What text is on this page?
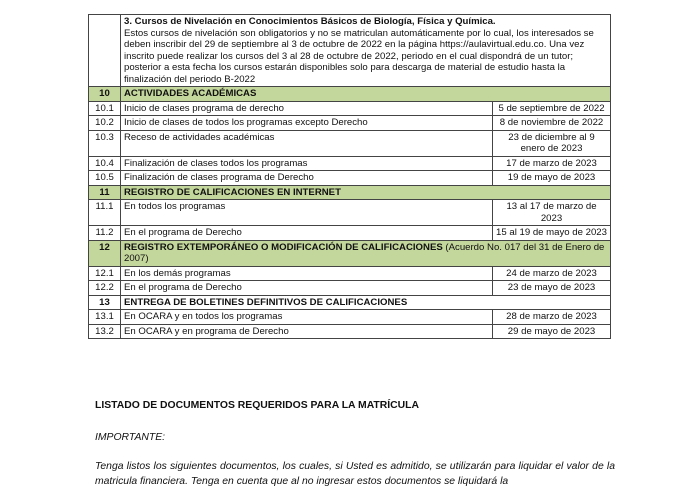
	3. Cursos de Nivelación en Conocimientos Básicos de Biología, Física y Química.
Estos cursos de nivelación son obligatorios y no se matriculan automáticamente por lo cual, los interesados se deben inscribir del 29 de septiembre al 3 de octubre de 2022 en la página https://aulavirtual.edu.co. Una vez inscrito puede realizar los cursos del 3 al 28 de octubre de 2022, periodo en el cual dispondrá de un tutor; posterior a esta fecha los cursos estarán disponibles solo para descarga de material de estudio hasta la finalización del periodo B-2022	

10	ACTIVIDADES ACADÉMICAS	
10.1	Inicio de clases programa de derecho	5 de septiembre de 2022
10.2	Inicio de clases de todos los programas excepto Derecho	8 de noviembre de 2022
10.3	Receso de actividades académicas	23 de diciembre al 9 enero de 2023
10.4	Finalización de clases todos los programas	17 de marzo de 2023
10.5	Finalización de clases programa de Derecho	19 de mayo de 2023
11	REGISTRO DE CALIFICACIONES EN INTERNET	
11.1	En todos los programas	13 al 17 de marzo de 2023
11.2	En el programa de Derecho	15 al 19 de mayo de 2023
12	REGISTRO EXTEMPORÁNEO O MODIFICACIÓN DE CALIFICACIONES (Acuerdo No. 017 del 31 de Enero de 2007)	
12.1	En los demás programas	24 de marzo de 2023
12.2	En el programa de Derecho	23 de mayo de 2023
13	ENTREGA DE BOLETINES DEFINITIVOS DE CALIFICACIONES	
13.1	En OCARA y en todos los programas	28 de marzo de 2023
13.2	En OCARA y en programa de Derecho	29 de mayo de 2023
LISTADO DE DOCUMENTOS REQUERIDOS PARA LA MATRÍCULA
IMPORTANTE:
Tenga listos los siguientes documentos, los cuales, si Usted es admitido, se utilizarán para liquidar el valor de la matricula financiera. Tenga en cuenta que al no ingresar estos documentos se liquidará la
